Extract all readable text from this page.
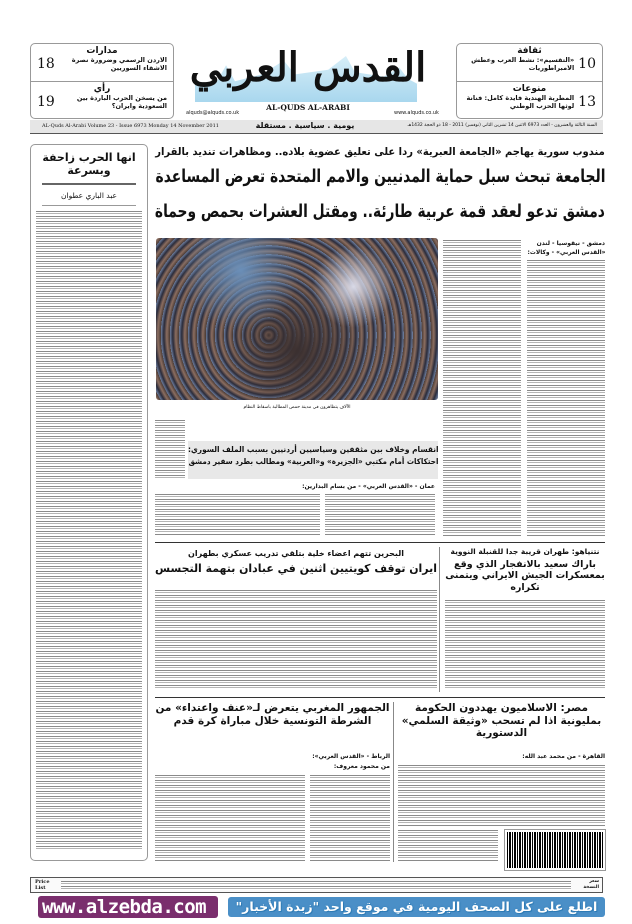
مدارات
الاردن الرسمي وضرورة نصرة الاشقاء السوريين
18
رأي
من يسخن الحرب الباردة بين السعودية وايران؟
19
ثقافة
10
«التقسيم»: نشط العرب وعطش الامبراطوريات
منوعات
13
المطربة الهندية فايدة كامل: فنانة لوثها الحزب الوطني
القدس العربي
AL-QUDS AL-ARABI
alquds@alquds.co.uk	www.alquds.co.uk
AL-Quds Al-Arabi Volume 23 - Issue 6973 Monday 14 November 2011	يومية . سياسية . مستقلة	السنة الثالثة والعشرون - العدد 6973 الاثنين 14 تشرين الثاني (نوفمبر) 2011 - 18 ذو الحجة 1432هـ
انها الحرب زاحفة وبسرعة
عبد الباري عطوان
مندوب سورية يهاجم «الجامعة العبرية» ردا على تعليق عضوية بلاده.. ومظاهرات تنديد بالقرار
الجامعة تبحث سبل حماية المدنيين والامم المتحدة تعرض المساعدة
دمشق تدعو لعقد قمة عربية طارئة.. ومقتل العشرات بحمص وحماة
الآلاف يتظاهرون في مدينة حمص المطالبة باسقاط النظام
دمشق - نيقوسيا - لندن
«القدس العربي» - وكالات:
انقسام وخلاف بين مثقفين وسياسيين أردنيين بسبب الملف السوري:
احتكاكات أمام مكتبي «الجزيرة» و«العربية» ومطالب بطرد سفير دمشق
عمان - «القدس العربي» - من بسام البدارين:
نتنياهو: طهران قريبة جدا للقنبلة النووية
باراك سعيد بالانفجار الذي وقع بمعسكرات الجيش الايراني ويتمنى تكراره
البحرين تتهم اعضاء خلية بتلقي تدريب عسكري بطهران
ايران توقف كويتيين اثنين في عبادان بتهمة التجسس
مصر: الاسلاميون يهددون الحكومة بمليونية اذا لم تسحب «وثيقة السلمي» الدستورية
القاهرة - من محمد عبد الله:
الجمهور المغربي يتعرض لـ«عنف واعتداء» من الشرطة التونسية خلال مباراة كرة قدم
الرباط - «القدس العربي»:
من محمود معروف:
Price List
سعر النسخة
www.alzebda.com	اطلع على كل الصحف اليومية في موقع واحد "زبدة الأخبار"
